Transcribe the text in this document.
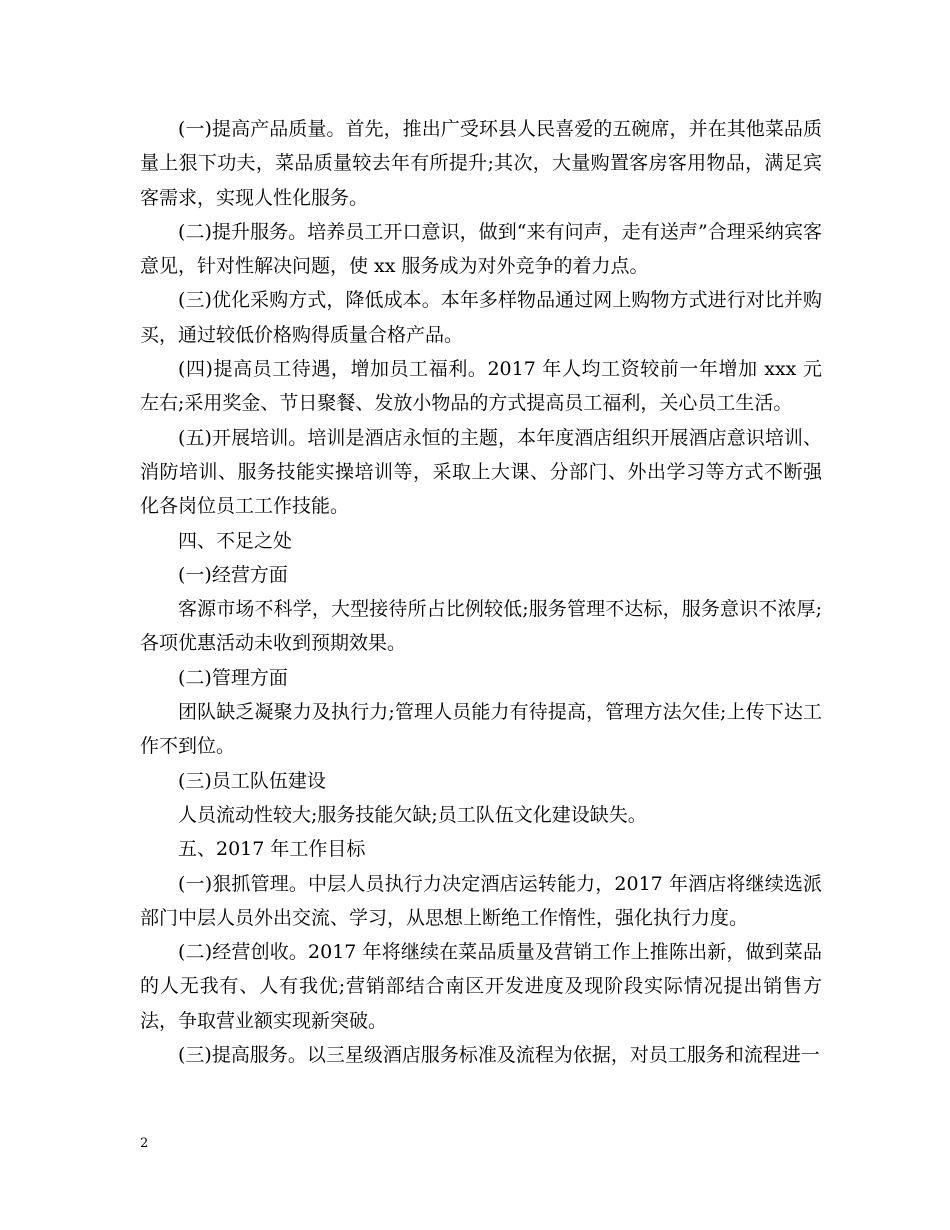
(一)提高产品质量。首先，推出广受环县人民喜爱的五碗席，并在其他菜品质量上狠下功夫，菜品质量较去年有所提升;其次，大量购置客房客用物品，满足宾客需求，实现人性化服务。

(二)提升服务。培养员工开口意识，做到“来有问声，走有送声”合理采纳宾客意见，针对性解决问题，使 xx 服务成为对外竞争的着力点。

(三)优化采购方式，降低成本。本年多样物品通过网上购物方式进行对比并购买，通过较低价格购得质量合格产品。

(四)提高员工待遇，增加员工福利。2017 年人均工资较前一年增加 xxx 元左右;采用奖金、节日聚餐、发放小物品的方式提高员工福利，关心员工生活。

(五)开展培训。培训是酒店永恒的主题，本年度酒店组织开展酒店意识培训、消防培训、服务技能实操培训等，采取上大课、分部门、外出学习等方式不断强化各岗位员工工作技能。

四、不足之处

(一)经营方面

客源市场不科学，大型接待所占比例较低;服务管理不达标，服务意识不浓厚;各项优惠活动未收到预期效果。

(二)管理方面

团队缺乏凝聚力及执行力;管理人员能力有待提高，管理方法欠佳;上传下达工作不到位。

(三)员工队伍建设

人员流动性较大;服务技能欠缺;员工队伍文化建设缺失。

五、2017 年工作目标

(一)狠抓管理。中层人员执行力决定酒店运转能力，2017 年酒店将继续选派部门中层人员外出交流、学习，从思想上断绝工作惰性，强化执行力度。

(二)经营创收。2017 年将继续在菜品质量及营销工作上推陈出新，做到菜品的人无我有、人有我优;营销部结合南区开发进度及现阶段实际情况提出销售方法，争取营业额实现新突破。

(三)提高服务。以三星级酒店服务标准及流程为依据，对员工服务和流程进一

2
